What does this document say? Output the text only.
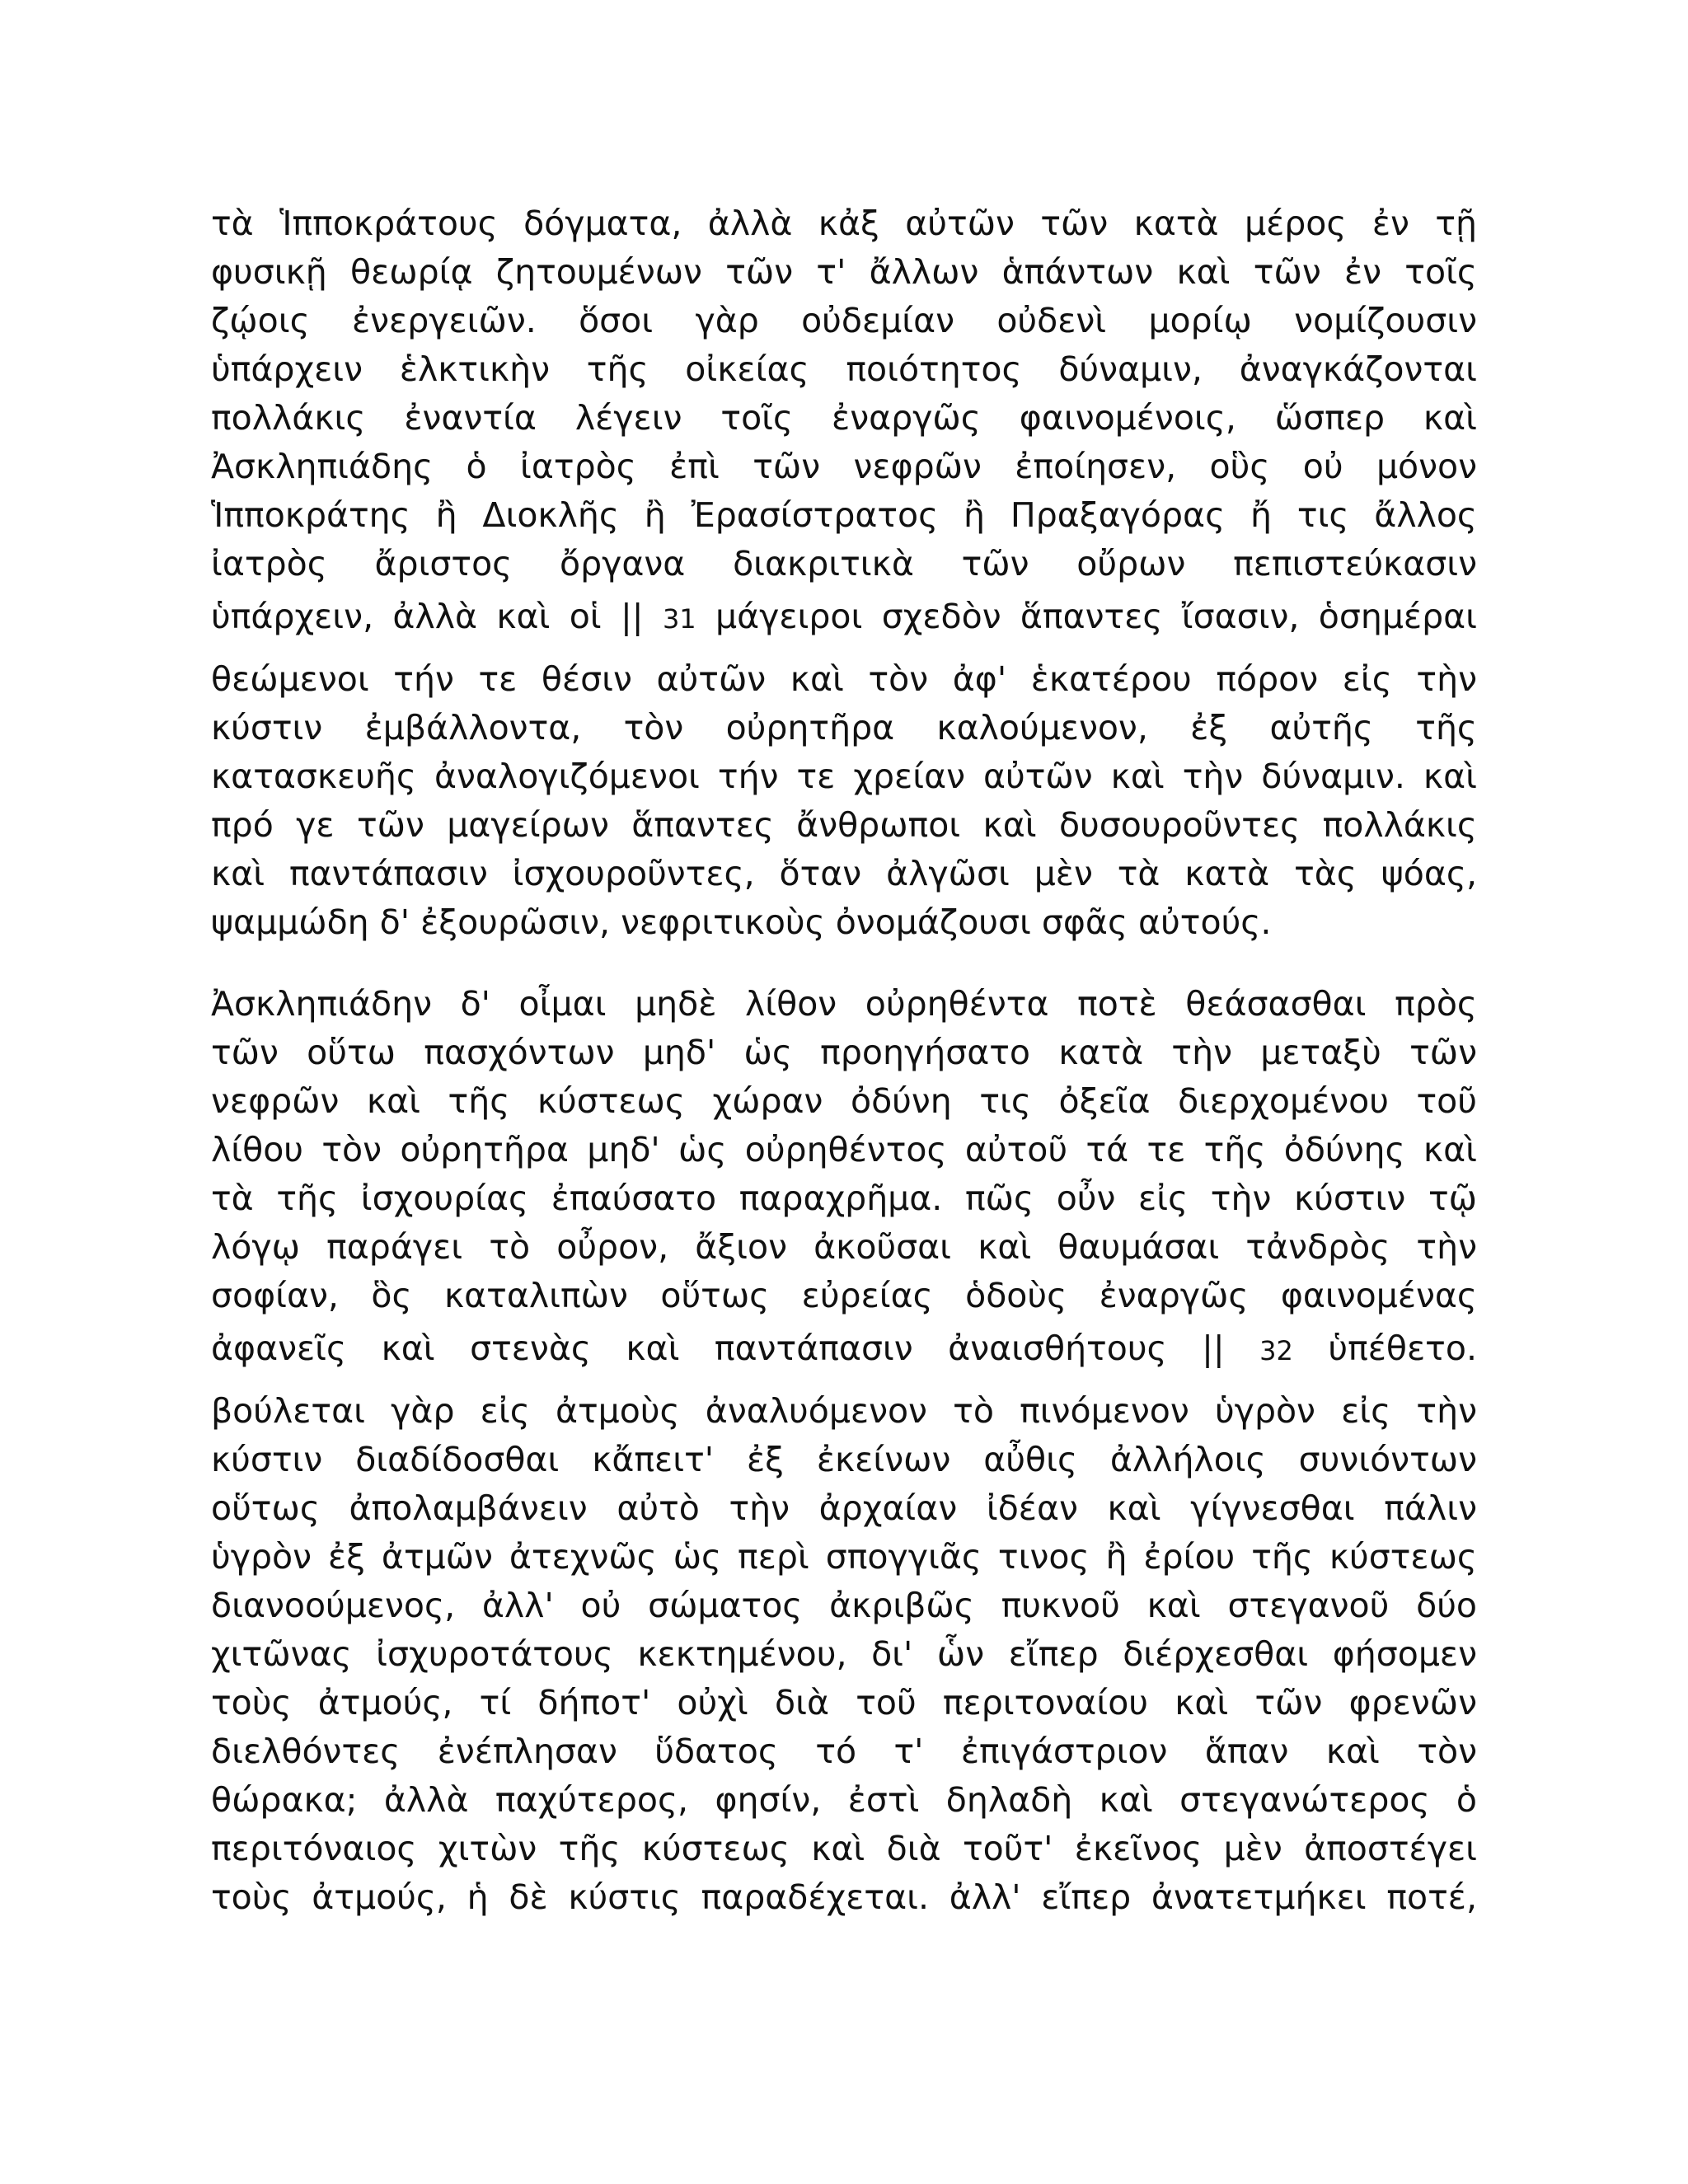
τὰ Ἱπποκράτους δόγματα, ἀλλὰ κἀξ αὐτῶν τῶν κατὰ μέρος ἐν τῇ
φυσικῇ θεωρίᾳ ζητουμένων τῶν τ' ἄλλων ἁπάντων καὶ τῶν ἐν τοῖς
ζῴοις ἐνεργειῶν. ὅσοι γὰρ οὐδεμίαν οὐδενὶ μορίῳ νομίζουσιν
ὑπάρχειν ἑλκτικὴν τῆς οἰκείας ποιότητος δύναμιν, ἀναγκάζονται
πολλάκις ἐναντία λέγειν τοῖς ἐναργῶς φαινομένοις, ὥσπερ καὶ
Ἀσκληπιάδης ὁ ἰατρὸς ἐπὶ τῶν νεφρῶν ἐποίησεν, οὓς οὐ μόνον
Ἱπποκράτης ἢ Διοκλῆς ἢ Ἐρασίστρατος ἢ Πραξαγόρας ἤ τις ἄλλος
ἰατρὸς ἄριστος ὄργανα διακριτικὰ τῶν οὔρων πεπιστεύκασιν
ὑπάρχειν, ἀλλὰ καὶ οἱ || 31 μάγειροι σχεδὸν ἅπαντες ἴσασιν, ὁσημέραι
θεώμενοι τήν τε θέσιν αὐτῶν καὶ τὸν ἀφ' ἑκατέρου πόρον εἰς τὴν
κύστιν ἐμβάλλοντα, τὸν οὐρητῆρα καλούμενον, ἐξ αὐτῆς τῆς
κατασκευῆς ἀναλογιζόμενοι τήν τε χρείαν αὐτῶν καὶ τὴν δύναμιν. καὶ
πρό γε τῶν μαγείρων ἅπαντες ἄνθρωποι καὶ δυσουροῦντες πολλάκις
καὶ παντάπασιν ἰσχουροῦντες, ὅταν ἀλγῶσι μὲν τὰ κατὰ τὰς ψόας,
ψαμμώδη δ' ἐξουρῶσιν, νεφριτικοὺς ὀνομάζουσι σφᾶς αὐτούς.
Ἀσκληπιάδην δ' οἶμαι μηδὲ λίθον οὐρηθέντα ποτὲ θεάσασθαι πρὸς
τῶν οὕτω πασχόντων μηδ' ὡς προηγήσατο κατὰ τὴν μεταξὺ τῶν
νεφρῶν καὶ τῆς κύστεως χώραν ὀδύνη τις ὀξεῖα διερχομένου τοῦ
λίθου τὸν οὐρητῆρα μηδ' ὡς οὐρηθέντος αὐτοῦ τά τε τῆς ὀδύνης καὶ
τὰ τῆς ἰσχουρίας ἐπαύσατο παραχρῆμα. πῶς οὖν εἰς τὴν κύστιν τῷ
λόγῳ παράγει τὸ οὖρον, ἄξιον ἀκοῦσαι καὶ θαυμάσαι τἀνδρὸς τὴν
σοφίαν, ὃς καταλιπὼν οὕτως εὐρείας ὁδοὺς ἐναργῶς φαινομένας
ἀφανεῖς καὶ στενὰς καὶ παντάπασιν ἀναισθήτους || 32 ὑπέθετο.
βούλεται γὰρ εἰς ἀτμοὺς ἀναλυόμενον τὸ πινόμενον ὑγρὸν εἰς τὴν
κύστιν διαδίδοσθαι κἄπειτ' ἐξ ἐκείνων αὖθις ἀλλήλοις συνιόντων
οὕτως ἀπολαμβάνειν αὐτὸ τὴν ἀρχαίαν ἰδέαν καὶ γίγνεσθαι πάλιν
ὑγρὸν ἐξ ἀτμῶν ἀτεχνῶς ὡς περὶ σπογγιᾶς τινος ἢ ἐρίου τῆς κύστεως
διανοούμενος, ἀλλ' οὐ σώματος ἀκριβῶς πυκνοῦ καὶ στεγανοῦ δύο
χιτῶνας ἰσχυροτάτους κεκτημένου, δι' ὧν εἴπερ διέρχεσθαι φήσομεν
τοὺς ἀτμούς, τί δήποτ' οὐχὶ διὰ τοῦ περιτοναίου καὶ τῶν φρενῶν
διελθόντες ἐνέπλησαν ὕδατος τό τ' ἐπιγάστριον ἅπαν καὶ τὸν
θώρακα; ἀλλὰ παχύτερος, φησίν, ἐστὶ δηλαδὴ καὶ στεγανώτερος ὁ
περιτόναιος χιτὼν τῆς κύστεως καὶ διὰ τοῦτ' ἐκεῖνος μὲν ἀποστέγει
τοὺς ἀτμούς, ἡ δὲ κύστις παραδέχεται. ἀλλ' εἴπερ ἀνατετμήκει ποτέ,
